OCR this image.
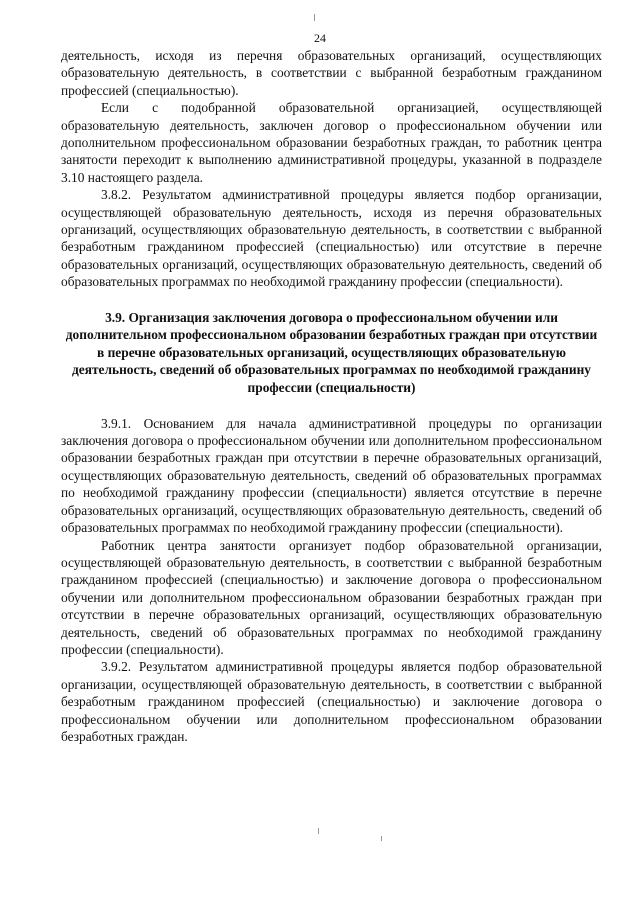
24

деятельность, исходя из перечня образовательных организаций, осуществляющих образовательную деятельность, в соответствии с выбранной безработным гражданином профессией (специальностью).

Если с подобранной образовательной организацией, осуществляющей образовательную деятельность, заключен договор о профессиональном обучении или дополнительном профессиональном образовании безработных граждан, то работник центра занятости переходит к выполнению административной процедуры, указанной в подразделе 3.10 настоящего раздела.

3.8.2. Результатом административной процедуры является подбор организации, осуществляющей образовательную деятельность, исходя из перечня образовательных организаций, осуществляющих образовательную деятельность, в соответствии с выбранной безработным гражданином профессией (специальностью) или отсутствие в перечне образовательных организаций, осуществляющих образовательную деятельность, сведений об образовательных программах по необходимой гражданину профессии (специальности).

3.9. Организация заключения договора о профессиональном обучении или дополнительном профессиональном образовании безработных граждан при отсутствии в перечне образовательных организаций, осуществляющих образовательную деятельность, сведений об образовательных программах по необходимой гражданину профессии (специальности)

3.9.1. Основанием для начала административной процедуры по организации заключения договора о профессиональном обучении или дополнительном профессиональном образовании безработных граждан при отсутствии в перечне образовательных организаций, осуществляющих образовательную деятельность, сведений об образовательных программах по необходимой гражданину профессии (специальности) является отсутствие в перечне образовательных организаций, осуществляющих образовательную деятельность, сведений об образовательных программах по необходимой гражданину профессии (специальности).

Работник центра занятости организует подбор образовательной организации, осуществляющей образовательную деятельность, в соответствии с выбранной безработным гражданином профессией (специальностью) и заключение договора о профессиональном обучении или дополнительном профессиональном образовании безработных граждан при отсутствии в перечне образовательных организаций, осуществляющих образовательную деятельность, сведений об образовательных программах по необходимой гражданину профессии (специальности).

3.9.2. Результатом административной процедуры является подбор образовательной организации, осуществляющей образовательную деятельность, в соответствии с выбранной безработным гражданином профессией (специальностью) и заключение договора о профессиональном обучении или дополнительном профессиональном образовании безработных граждан.
